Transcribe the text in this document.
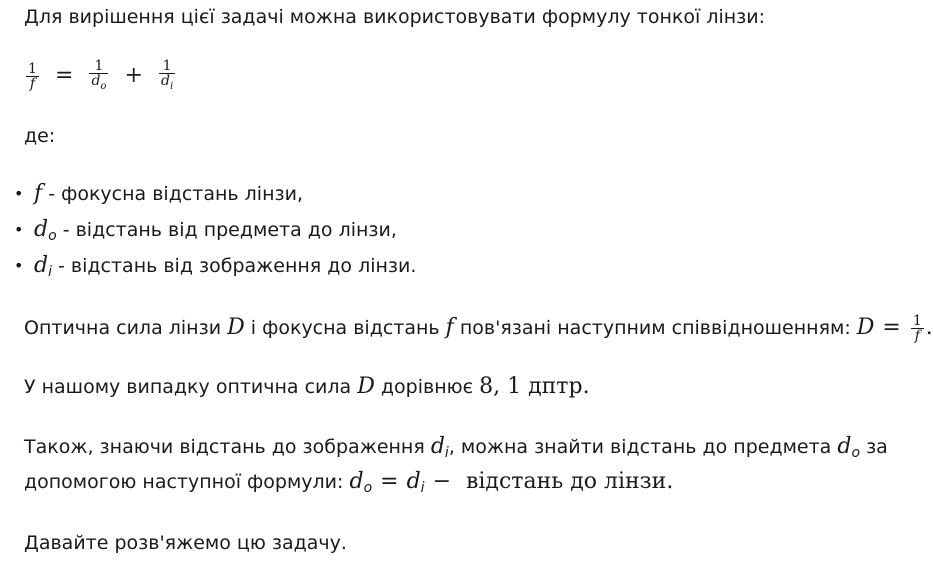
Для вирішення цієї задачі можна використовувати формулу тонкої лінзи:
$\frac{1}{f} = \frac{1}{d_o} + \frac{1}{d_i}$
де:
• f - фокусна відстань лінзи,
• $d_o$ - відстань від предмета до лінзи,
• $d_i$ - відстань від зображення до лінзи.
Оптична сила лінзи D і фокусна відстань f пов'язані наступним співвідношенням: $D = \frac{1}{f}$ .
У нашому випадку оптична сила D дорівнює 8, 1 дптр.
Також, знаючи відстань до зображення $d_i$, можна знайти відстань до предмета $d_o$ за
допомогою наступної формули: $d_o = d_i$ − відстань до лінзи.
Давайте розв'яжемо цю задачу.
